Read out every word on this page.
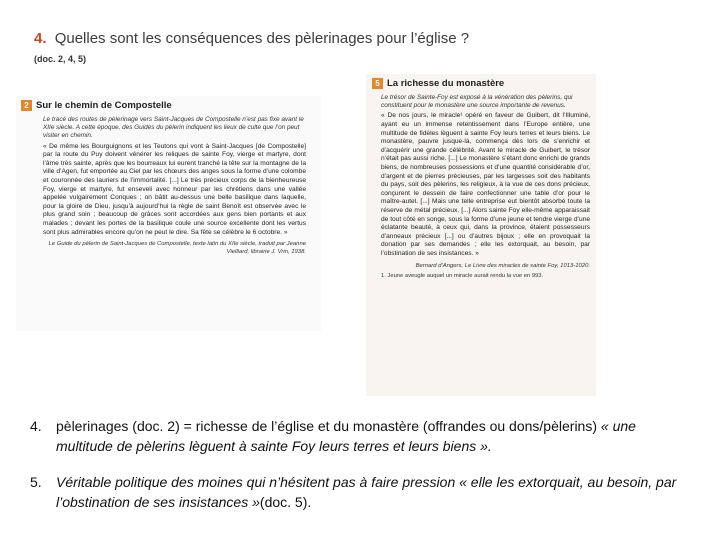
4. Quelles sont les conséquences des pèlerinages pour l’église ?
(doc. 2, 4, 5)
2 Sur le chemin de Compostelle
Le tracé des routes de pèlerinage vers Saint-Jacques de Compostelle n’est pas fixe avant le XIIe siècle. A cette époque, des Guides du pèlerin indiquent les lieux de culte que l’on peut visiter en chemin.
« De même les Bourguignons et les Teutons qui vont à Saint-Jacques [de Compostelle] par la route du Puy doivent vénérer les reliques de sainte Foy, vierge et martyre, dont l’âme très sainte, après que les bourreaux lui eurent tranché la tête sur la montagne de la ville d’Agen, fut emportée au Ciel par les chœurs des anges sous la forme d’une colombe et couronnée des lauriers de l’immortalité. [...] Le très précieux corps de la bienheureuse Foy, vierge et martyre, fut enseveli avec honneur par les chrétiens dans une vallée appelée vulgairement Conques ; on bâtit au-dessus une belle basilique dans laquelle, pour la gloire de Dieu, jusqu’à aujourd’hui la règle de saint Benoît est observée avec le plus grand soin ; beaucoup de grâces sont accordées aux gens bien portants et aux malades ; devant les portes de la basilique coule une source excellente dont les vertus sont plus admirables encore qu’on ne peut le dire. Sa fête se célèbre le 6 octobre. »
Le Guide du pèlerin de Saint-Jacques de Compostelle, texte latin du XIIe siècle, traduit par Jeanne Vielliard, librairie J. Vrin, 1938.
5 La richesse du monastère
Le trésor de Sainte-Foy est exposé à la vénération des pèlerins, qui constituent pour le monastère une source importante de revenus.
« De nos jours, le miracle¹ opéré en faveur de Guibert, dit l’Illuminé, ayant eu un immense retentissement dans l’Europe entière, une multitude de fidèles lèguent à sainte Foy leurs terres et leurs biens. Le monastère, pauvre jusque-là, commença dès lors de s’enrichir et d’acquérir une grande célébrité. Avant le miracle de Guibert, le trésor n’était pas aussi riche. [...] Le monastère s’étant donc enrichi de grands biens, de nombreuses possessions et d’une quantité considérable d’or, d’argent et de pierres précieuses, par les largesses soit des habitants du pays, soit des pèlerins, les religieux, à la vue de ces dons précieux, conçurent le dessein de faire confectionner une table d’or pour le maître-autel. [...] Mais une telle entreprise eut bientôt absorbé toute la réserve de métal précieux. [...] Alors sainte Foy elle-même apparaissait de tout côté en songe, sous la forme d’une jeune et tendre vierge d’une éclatante beauté, à ceux qui, dans la province, étaient possesseurs d’anneaux précieux [...] ou d’autres bijoux ; elle en provoquait la donation par ses demandes ; elle les extorquait, au besoin, par l’obstination de ses insistances. »
Bernard d’Angers, Le Livre des miracles de sainte Foy, 1013-1020.
1. Jeune aveugle auquel un miracle aurait rendu la vue en 993.
4.	pèlerinages (doc. 2) = richesse de l’église et du monastère (offrandes ou dons/pèlerins) « une multitude de pèlerins lèguent à sainte Foy leurs terres et leurs biens ».
5.	Véritable politique des moines qui n’hésitent pas à faire pression « elle les extorquait, au besoin, par l’obstination de ses insistances »(doc. 5).
